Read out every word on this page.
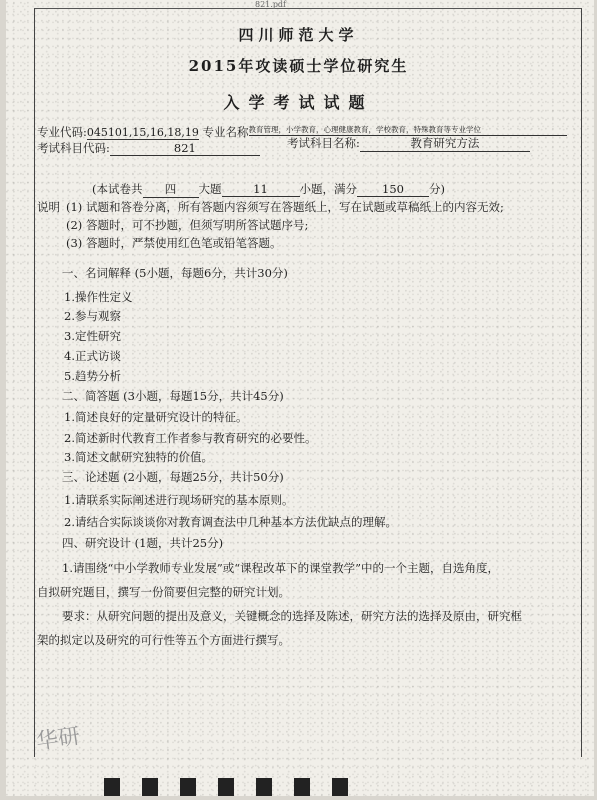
821.pdf
四川师范大学
2015年攻读硕士学位研究生
入学考试试题
专业代码:045101,15,16,18,19 专业名称教育管理，小学教育，心理健康教育，学校教育，特殊教育等专业学位
考试科目代码:	821	考试科目名称:	教育研究方法
(本试卷共 四 大题	11	小题，满分 150 分)
说明 (1) 试题和答卷分离，所有答题内容须写在答题纸上，写在试题或草稿纸上的内容无效;
(2) 答题时，可不抄题，但须写明所答试题序号;
(3) 答题时，严禁使用红色笔或铅笔答题。
一、名词解释 (5小题，每题6分，共计30分)
1.操作性定义
2.参与观察
3.定性研究
4.正式访谈
5.趋势分析
二、简答题 (3小题，每题15分，共计45分)
1.简述良好的定量研究设计的特征。
2.简述新时代教育工作者参与教育研究的必要性。
3.简述文献研究独特的价值。
三、论述题 (2小题，每题25分，共计50分)
1.请联系实际阐述进行现场研究的基本原则。
2.请结合实际谈谈你对教育调查法中几种基本方法优缺点的理解。
四、研究设计 (1题，共计25分)
1.请围绕“中小学教师专业发展”或“课程改革下的课堂教学”中的一个主题，自选角度，
自拟研究题目，撰写一份简要但完整的研究计划。
要求：从研究问题的提出及意义，关键概念的选择及陈述，研究方法的选择及原由，研究框
架的拟定以及研究的可行性等五个方面进行撰写。
华研
